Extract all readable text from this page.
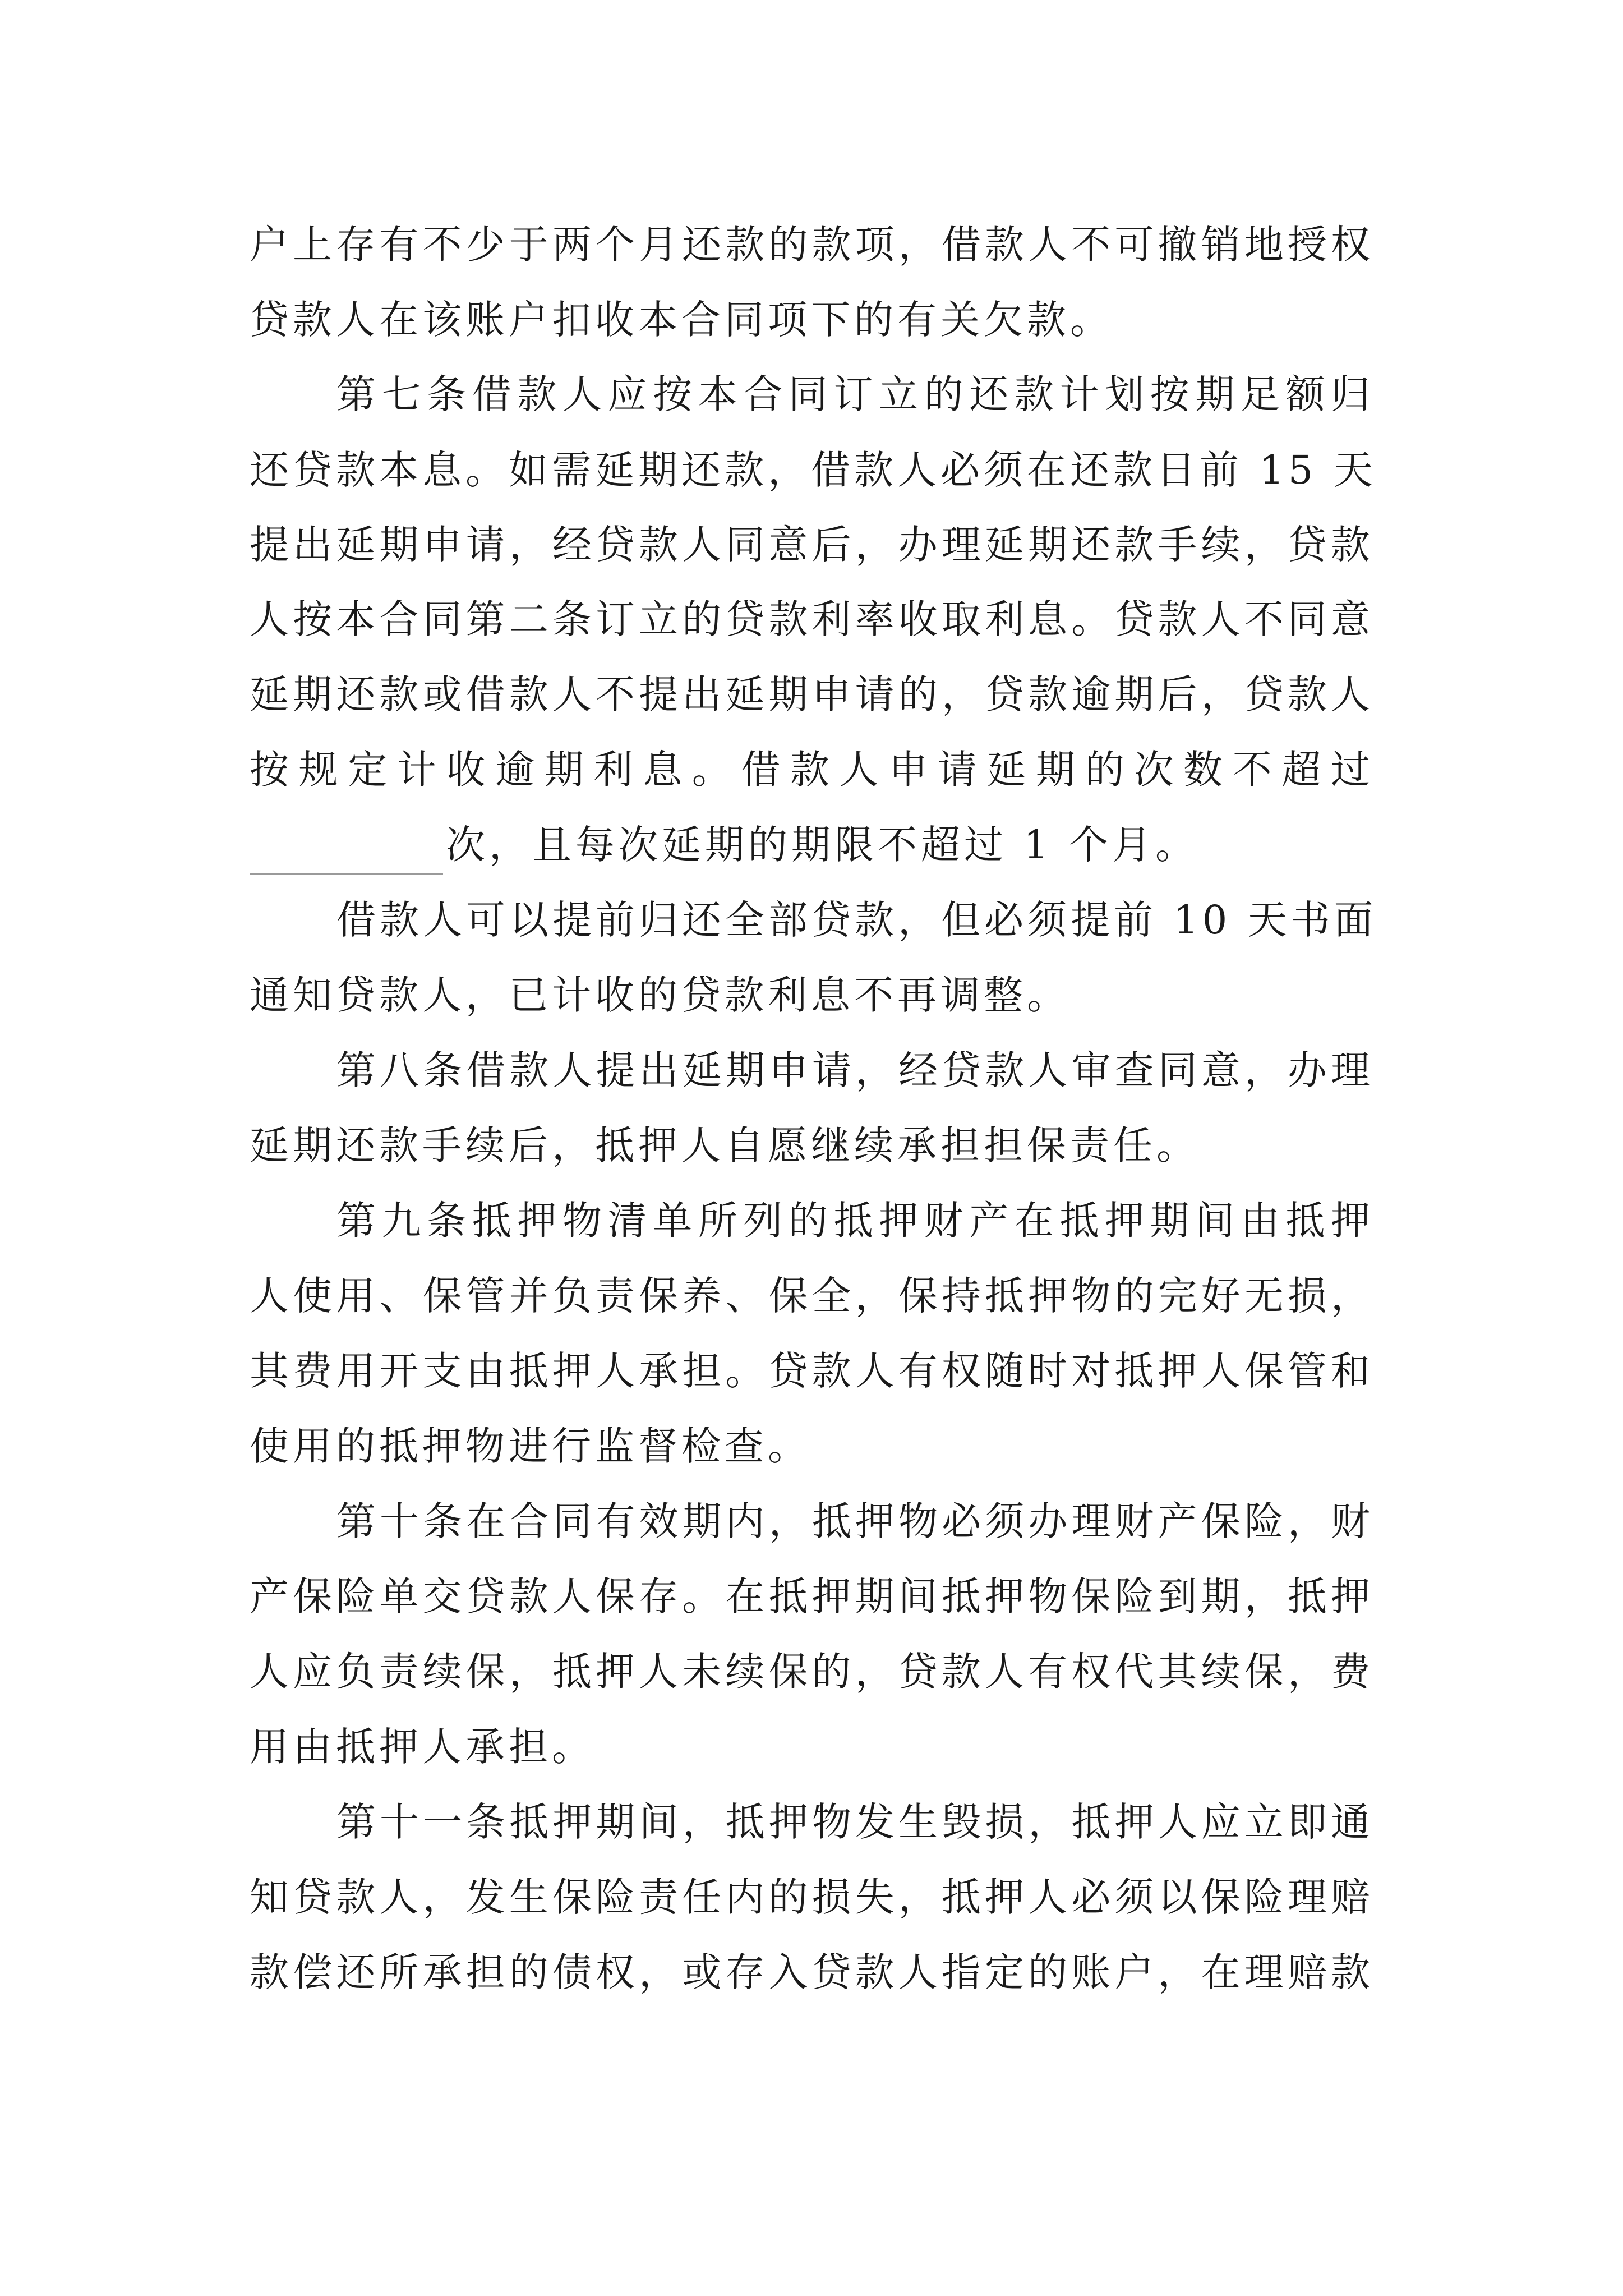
户上存有不少于两个月还款的款项，借款人不可撤销地授权
贷款人在该账户扣收本合同项下的有关欠款。
第七条借款人应按本合同订立的还款计划按期足额归
还贷款本息。如需延期还款，借款人必须在还款日前 15 天
提出延期申请，经贷款人同意后，办理延期还款手续，贷款
人按本合同第二条订立的贷款利率收取利息。贷款人不同意
延期还款或借款人不提出延期申请的，贷款逾期后，贷款人
按规定计收逾期利息。借款人申请延期的次数不超过
次，且每次延期的期限不超过 1 个月。
借款人可以提前归还全部贷款，但必须提前 10 天书面
通知贷款人，已计收的贷款利息不再调整。
第八条借款人提出延期申请，经贷款人审查同意，办理
延期还款手续后，抵押人自愿继续承担担保责任。
第九条抵押物清单所列的抵押财产在抵押期间由抵押
人使用、保管并负责保养、保全，保持抵押物的完好无损，
其费用开支由抵押人承担。贷款人有权随时对抵押人保管和
使用的抵押物进行监督检查。
第十条在合同有效期内，抵押物必须办理财产保险，财
产保险单交贷款人保存。在抵押期间抵押物保险到期，抵押
人应负责续保，抵押人未续保的，贷款人有权代其续保，费
用由抵押人承担。
第十一条抵押期间，抵押物发生毁损，抵押人应立即通
知贷款人，发生保险责任内的损失，抵押人必须以保险理赔
款偿还所承担的债权，或存入贷款人指定的账户，在理赔款
